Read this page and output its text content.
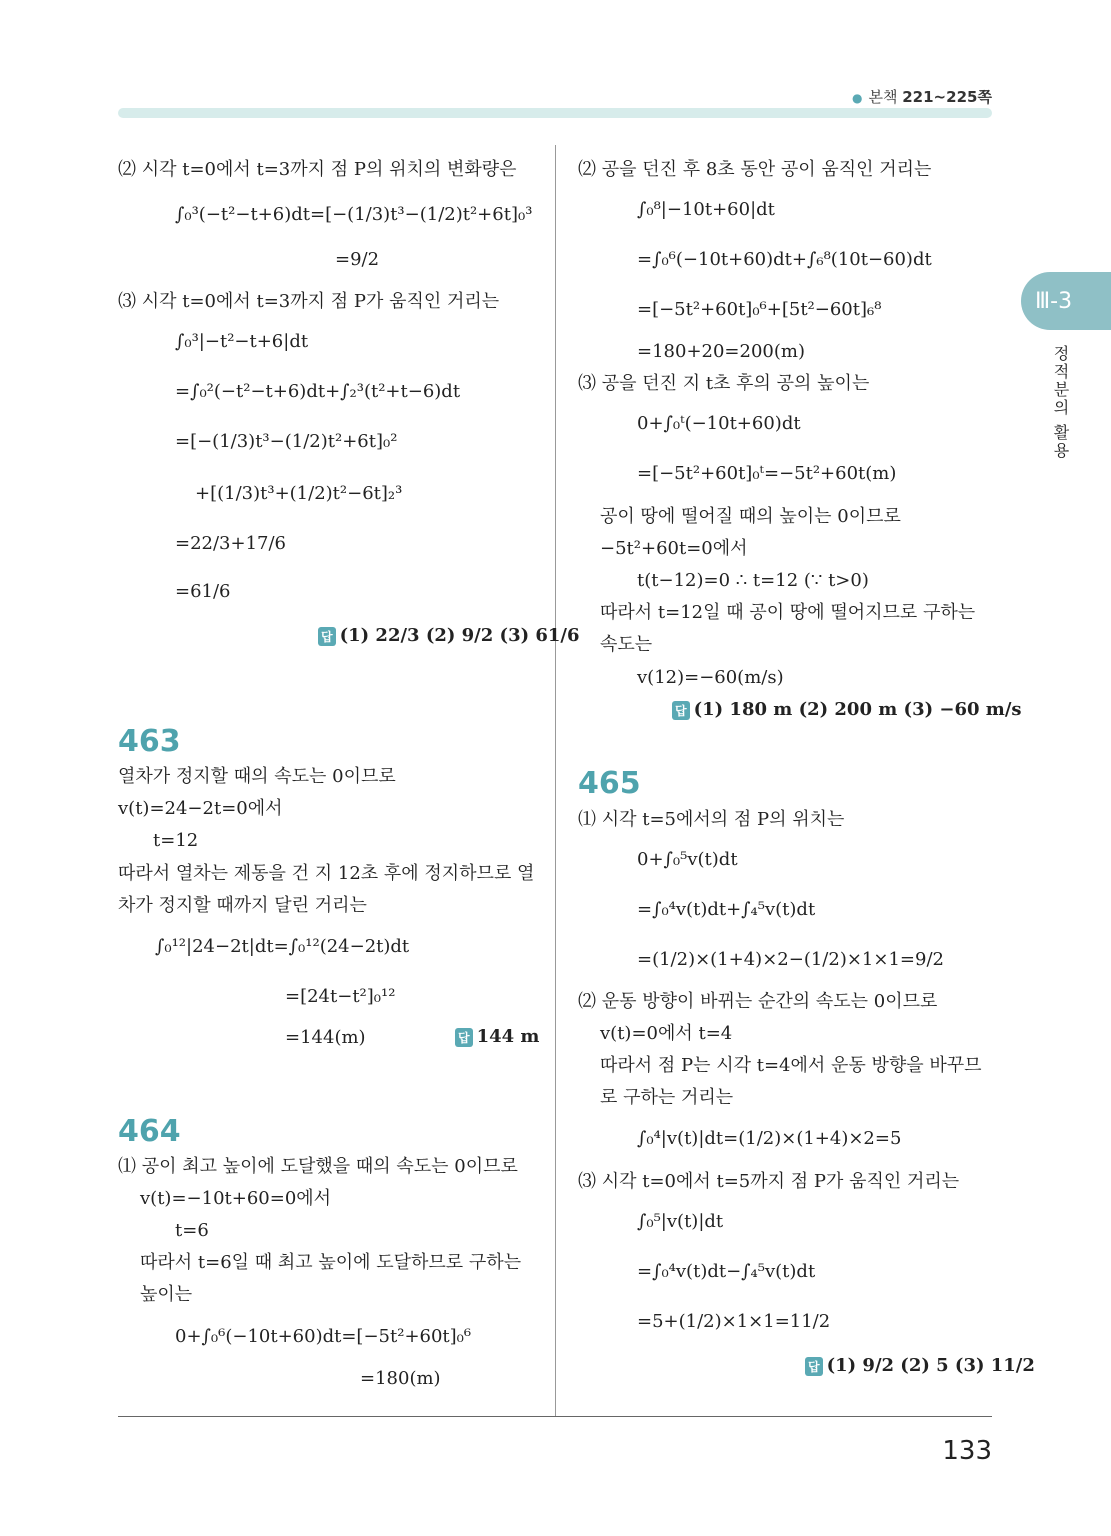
● 본책 221~225쪽
Ⅲ-3
정적분의 활용
⑵ 시각 t=0에서 t=3까지 점 P의 위치의 변화량은
∫₀³(−t²−t+6)dt=[−(1/3)t³−(1/2)t²+6t]₀³
=9/2
⑶ 시각 t=0에서 t=3까지 점 P가 움직인 거리는
∫₀³|−t²−t+6|dt
=∫₀²(−t²−t+6)dt+∫₂³(t²+t−6)dt
=[−(1/3)t³−(1/2)t²+6t]₀²
+[(1/3)t³+(1/2)t²−6t]₂³
=22/3+17/6
=61/6
답 (1) 22/3 (2) 9/2 (3) 61/6
463
열차가 정지할 때의 속도는 0이므로
v(t)=24−2t=0에서
t=12
따라서 열차는 제동을 건 지 12초 후에 정지하므로 열
차가 정지할 때까지 달린 거리는
∫₀¹²|24−2t|dt=∫₀¹²(24−2t)dt
=[24t−t²]₀¹²
=144(m)	답 144 m
464
⑴ 공이 최고 높이에 도달했을 때의 속도는 0이므로
v(t)=−10t+60=0에서
t=6
따라서 t=6일 때 최고 높이에 도달하므로 구하는
높이는
0+∫₀⁶(−10t+60)dt=[−5t²+60t]₀⁶
=180(m)
⑵ 공을 던진 후 8초 동안 공이 움직인 거리는
∫₀⁸|−10t+60|dt
=∫₀⁶(−10t+60)dt+∫₆⁸(10t−60)dt
=[−5t²+60t]₀⁶+[5t²−60t]₆⁸
=180+20=200(m)
⑶ 공을 던진 지 t초 후의 공의 높이는
0+∫₀ᵗ(−10t+60)dt
=[−5t²+60t]₀ᵗ=−5t²+60t(m)
공이 땅에 떨어질 때의 높이는 0이므로
−5t²+60t=0에서
t(t−12)=0 ∴ t=12 (∵ t>0)
따라서 t=12일 때 공이 땅에 떨어지므로 구하는
속도는
v(12)=−60(m/s)
답 (1) 180 m (2) 200 m (3) −60 m/s
465
⑴ 시각 t=5에서의 점 P의 위치는
0+∫₀⁵v(t)dt
=∫₀⁴v(t)dt+∫₄⁵v(t)dt
=(1/2)×(1+4)×2−(1/2)×1×1=9/2
⑵ 운동 방향이 바뀌는 순간의 속도는 0이므로
v(t)=0에서 t=4
따라서 점 P는 시각 t=4에서 운동 방향을 바꾸므
로 구하는 거리는
∫₀⁴|v(t)|dt=(1/2)×(1+4)×2=5
⑶ 시각 t=0에서 t=5까지 점 P가 움직인 거리는
∫₀⁵|v(t)|dt
=∫₀⁴v(t)dt−∫₄⁵v(t)dt
=5+(1/2)×1×1=11/2
답 (1) 9/2 (2) 5 (3) 11/2
133
